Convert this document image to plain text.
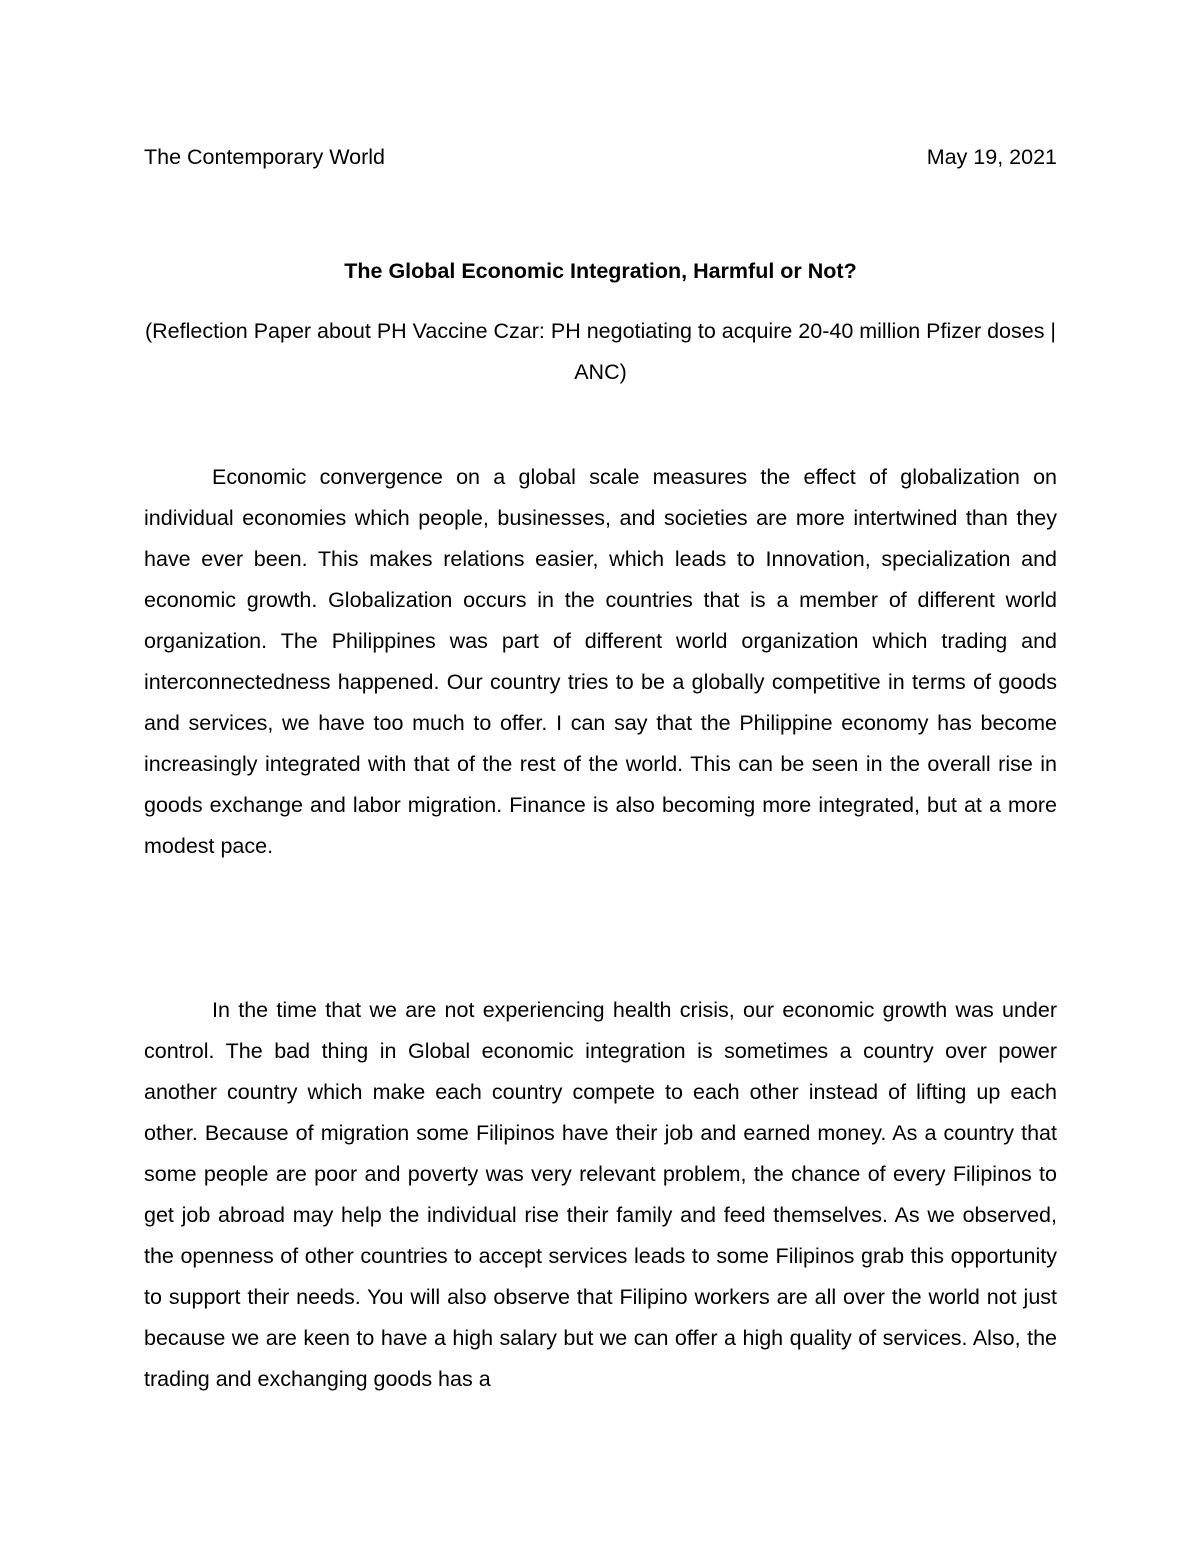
The Contemporary World	May 19, 2021
The Global Economic Integration, Harmful or Not?
(Reflection Paper about PH Vaccine Czar: PH negotiating to acquire 20-40 million Pfizer doses | ANC)

Economic convergence on a global scale measures the effect of globalization on individual economies which people, businesses, and societies are more intertwined than they have ever been. This makes relations easier, which leads to Innovation, specialization and economic growth. Globalization occurs in the countries that is a member of different world organization. The Philippines was part of different world organization which trading and interconnectedness happened. Our country tries to be a globally competitive in terms of goods and services, we have too much to offer. I can say that the Philippine economy has become increasingly integrated with that of the rest of the world. This can be seen in the overall rise in goods exchange and labor migration. Finance is also becoming more integrated, but at a more modest pace.

In the time that we are not experiencing health crisis, our economic growth was under control. The bad thing in Global economic integration is sometimes a country over power another country which make each country compete to each other instead of lifting up each other. Because of migration some Filipinos have their job and earned money. As a country that some people are poor and poverty was very relevant problem, the chance of every Filipinos to get job abroad may help the individual rise their family and feed themselves. As we observed, the openness of other countries to accept services leads to some Filipinos grab this opportunity to support their needs. You will also observe that Filipino workers are all over the world not just because we are keen to have a high salary but we can offer a high quality of services. Also, the trading and exchanging goods has a
